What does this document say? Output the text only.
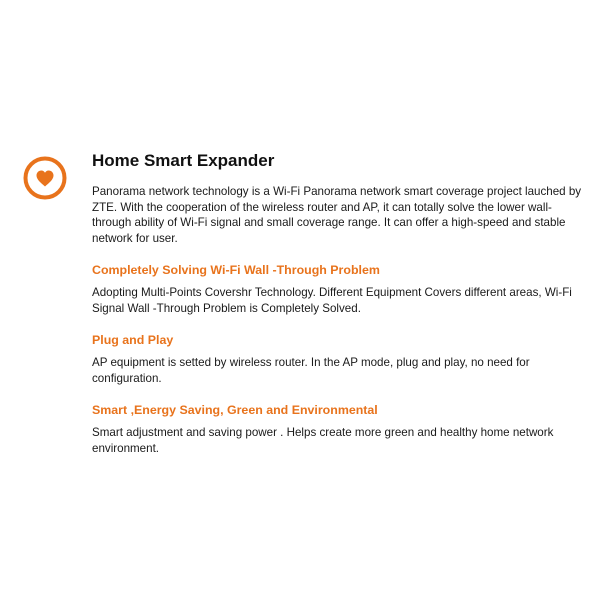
Home Smart Expander

Panorama network technology is a Wi-Fi Panorama network smart coverage project lauched by ZTE. With the cooperation of the wireless router and AP, it can totally solve the lower wall-through ability of Wi-Fi signal and small coverage range. It can offer a high-speed and stable network for user.

Completely Solving Wi-Fi Wall -Through Problem

Adopting Multi-Points Covershr Technology. Different Equipment Covers different areas, Wi-Fi Signal Wall -Through Problem is Completely Solved.

Plug and Play

AP equipment is setted by wireless router. In the AP mode, plug and play, no need for configuration.

Smart ,Energy Saving, Green and Environmental

Smart adjustment and saving power . Helps create more green and healthy home network environment.
